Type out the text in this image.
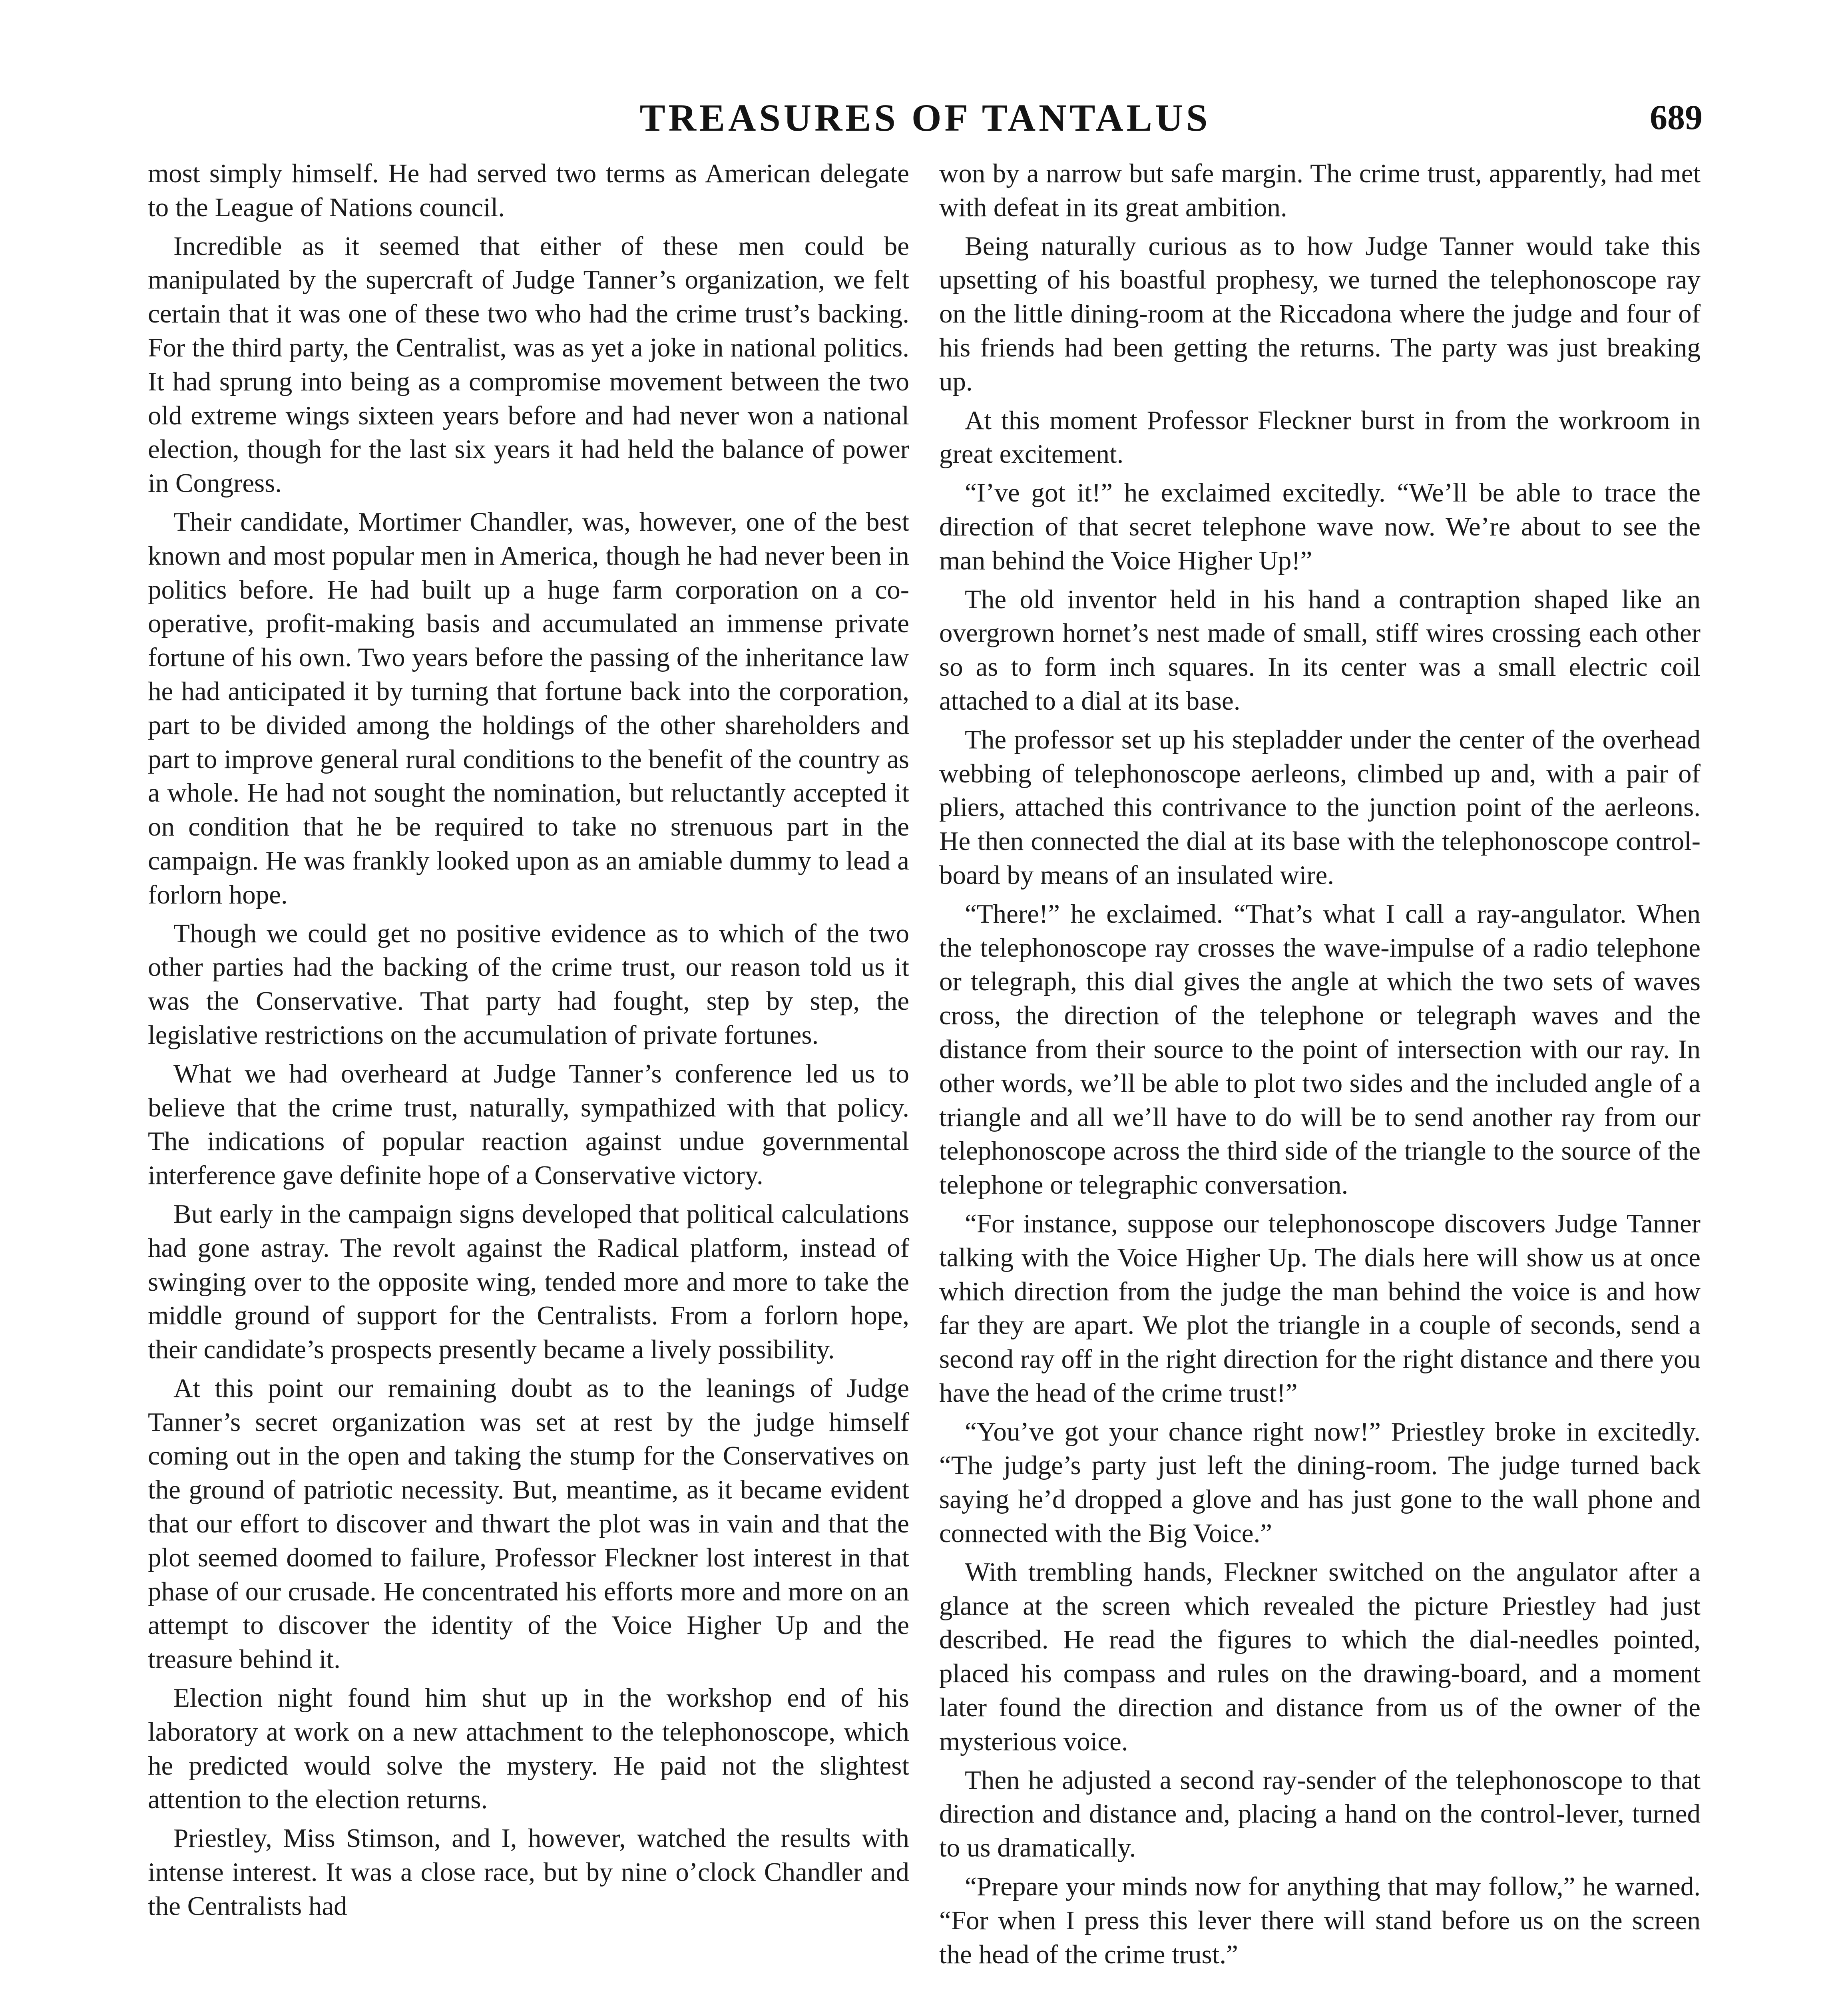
TREASURES OF TANTALUS	689

most simply himself. He had served two terms as American delegate to the League of Nations council.

Incredible as it seemed that either of these men could be manipulated by the supercraft of Judge Tanner’s organization, we felt certain that it was one of these two who had the crime trust’s backing. For the third party, the Centralist, was as yet a joke in national politics. It had sprung into being as a compromise movement between the two old extreme wings sixteen years before and had never won a national election, though for the last six years it had held the balance of power in Congress.

Their candidate, Mortimer Chandler, was, however, one of the best known and most popular men in America, though he had never been in politics before. He had built up a huge farm corporation on a co-operative, profit-making basis and accumulated an immense private fortune of his own. Two years before the passing of the inheritance law he had anticipated it by turning that fortune back into the corporation, part to be divided among the holdings of the other shareholders and part to improve general rural conditions to the benefit of the country as a whole. He had not sought the nomination, but reluctantly accepted it on condition that he be required to take no strenuous part in the campaign. He was frankly looked upon as an amiable dummy to lead a forlorn hope.

Though we could get no positive evidence as to which of the two other parties had the backing of the crime trust, our reason told us it was the Conservative. That party had fought, step by step, the legislative restrictions on the accumulation of private fortunes.

What we had overheard at Judge Tanner’s conference led us to believe that the crime trust, naturally, sympathized with that policy. The indications of popular reaction against undue governmental interference gave definite hope of a Conservative victory.

But early in the campaign signs developed that political calculations had gone astray. The revolt against the Radical platform, instead of swinging over to the opposite wing, tended more and more to take the middle ground of support for the Centralists. From a forlorn hope, their candidate’s prospects presently became a lively possibility.

At this point our remaining doubt as to the leanings of Judge Tanner’s secret organization was set at rest by the judge himself coming out in the open and taking the stump for the Conservatives on the ground of patriotic necessity. But, meantime, as it became evident that our effort to discover and thwart the plot was in vain and that the plot seemed doomed to failure, Professor Fleckner lost interest in that phase of our crusade. He concentrated his efforts more and more on an attempt to discover the identity of the Voice Higher Up and the treasure behind it.

Election night found him shut up in the workshop end of his laboratory at work on a new attachment to the telephonoscope, which he predicted would solve the mystery. He paid not the slightest attention to the election returns.

Priestley, Miss Stimson, and I, however, watched the results with intense interest. It was a close race, but by nine o’clock Chandler and the Centralists had

won by a narrow but safe margin. The crime trust, apparently, had met with defeat in its great ambition.

Being naturally curious as to how Judge Tanner would take this upsetting of his boastful prophesy, we turned the telephonoscope ray on the little dining-room at the Riccadona where the judge and four of his friends had been getting the returns. The party was just breaking up.

At this moment Professor Fleckner burst in from the workroom in great excitement.

“I’ve got it!” he exclaimed excitedly. “We’ll be able to trace the direction of that secret telephone wave now. We’re about to see the man behind the Voice Higher Up!”

The old inventor held in his hand a contraption shaped like an overgrown hornet’s nest made of small, stiff wires crossing each other so as to form inch squares. In its center was a small electric coil attached to a dial at its base.

The professor set up his stepladder under the center of the overhead webbing of telephonoscope aerleons, climbed up and, with a pair of pliers, attached this contrivance to the junction point of the aerleons. He then connected the dial at its base with the telephonoscope control-board by means of an insulated wire.

“There!” he exclaimed. “That’s what I call a ray-angulator. When the telephonoscope ray crosses the wave-impulse of a radio telephone or telegraph, this dial gives the angle at which the two sets of waves cross, the direction of the telephone or telegraph waves and the distance from their source to the point of intersection with our ray. In other words, we’ll be able to plot two sides and the included angle of a triangle and all we’ll have to do will be to send another ray from our telephonoscope across the third side of the triangle to the source of the telephone or telegraphic conversation.

“For instance, suppose our telephonoscope discovers Judge Tanner talking with the Voice Higher Up. The dials here will show us at once which direction from the judge the man behind the voice is and how far they are apart. We plot the triangle in a couple of seconds, send a second ray off in the right direction for the right distance and there you have the head of the crime trust!”

“You’ve got your chance right now!” Priestley broke in excitedly. “The judge’s party just left the dining-room. The judge turned back saying he’d dropped a glove and has just gone to the wall phone and connected with the Big Voice.”

With trembling hands, Fleckner switched on the angulator after a glance at the screen which revealed the picture Priestley had just described. He read the figures to which the dial-needles pointed, placed his compass and rules on the drawing-board, and a moment later found the direction and distance from us of the owner of the mysterious voice.

Then he adjusted a second ray-sender of the telephonoscope to that direction and distance and, placing a hand on the control-lever, turned to us dramatically.

“Prepare your minds now for anything that may follow,” he warned. “For when I press this lever there will stand before us on the screen the head of the crime trust.”
